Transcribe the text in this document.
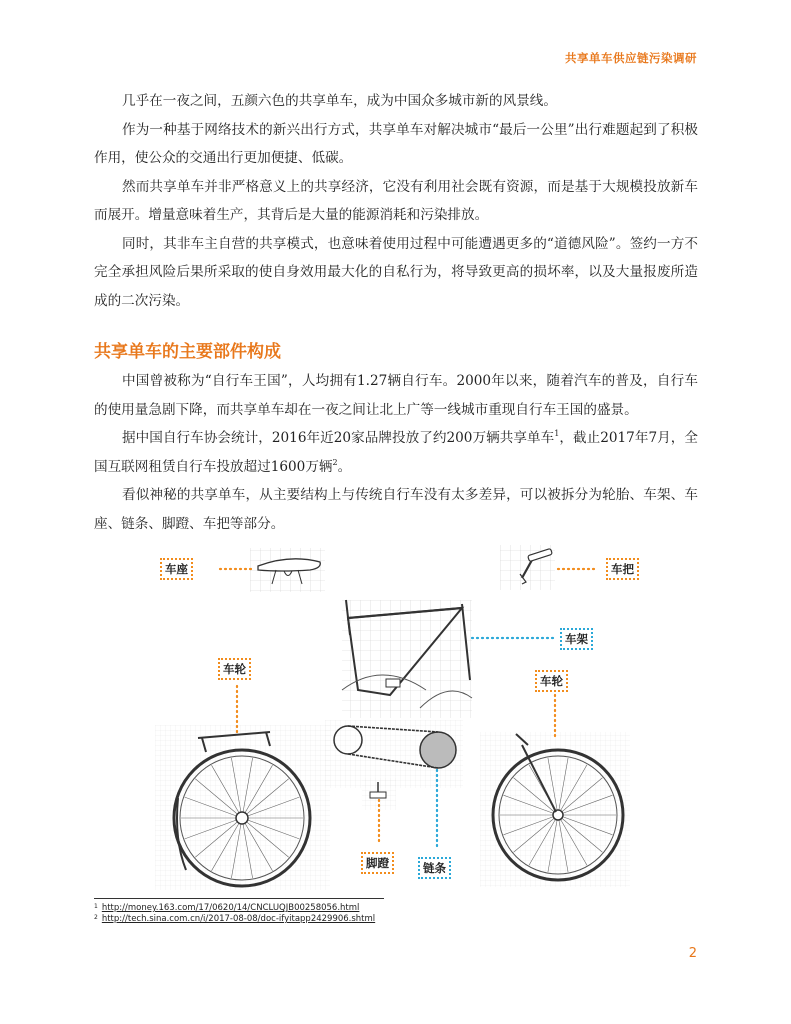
共享单车供应链污染调研

几乎在一夜之间，五颜六色的共享单车，成为中国众多城市新的风景线。

作为一种基于网络技术的新兴出行方式，共享单车对解决城市“最后一公里”出行难题起到了积极作用，使公众的交通出行更加便捷、低碳。

然而共享单车并非严格意义上的共享经济，它没有利用社会既有资源，而是基于大规模投放新车而展开。增量意味着生产，其背后是大量的能源消耗和污染排放。

同时，其非车主自营的共享模式，也意味着使用过程中可能遭遇更多的“道德风险”。签约一方不完全承担风险后果所采取的使自身效用最大化的自私行为，将导致更高的损坏率，以及大量报废所造成的二次污染。

共享单车的主要部件构成

中国曾被称为“自行车王国”，人均拥有1.27辆自行车。2000年以来，随着汽车的普及，自行车的使用量急剧下降，而共享单车却在一夜之间让北上广等一线城市重现自行车王国的盛景。

据中国自行车协会统计，2016年近20家品牌投放了约200万辆共享单车$^1$，截止2017年7月，全国互联网租赁自行车投放超过1600万辆$^2$。

看似神秘的共享单车，从主要结构上与传统自行车没有太多差异，可以被拆分为轮胎、车架、车座、链条、脚蹬、车把等部分。

车座	车把
车架
车轮
车轮
脚蹬	链条
1 http://money.163.com/17/0620/14/CNCLUQJB00258056.html
2 http://tech.sina.com.cn/i/2017-08-08/doc-ifyitapp2429906.shtml
2
